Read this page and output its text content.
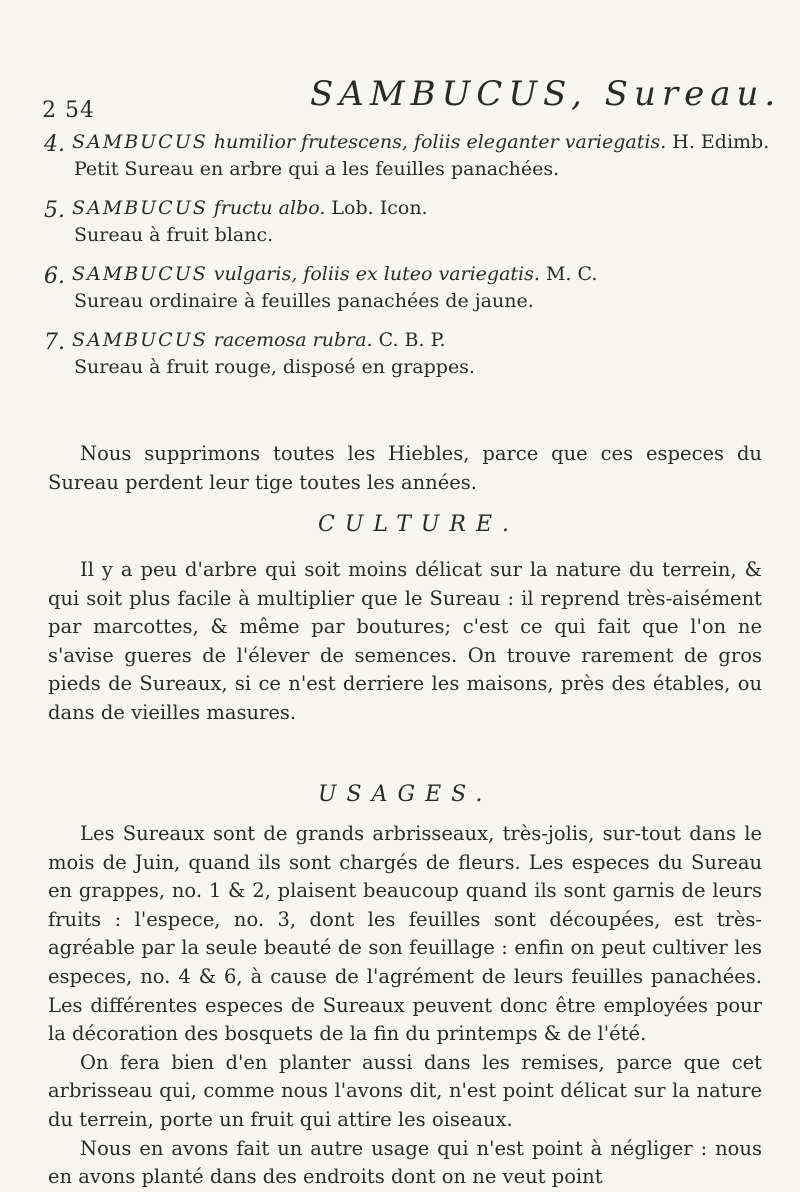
2 54	SAMBUCUS, Sureau.
4. SAMBUCUS humilior frutescens, foliis eleganter variegatis. H. Edimb.
Petit Sureau en arbre qui a les feuilles panachées.
5. SAMBUCUS fructu albo. Lob. Icon.
Sureau à fruit blanc.
6. SAMBUCUS vulgaris, foliis ex luteo variegatis. M. C.
Sureau ordinaire à feuilles panachées de jaune.
7. SAMBUCUS racemosa rubra. C. B. P.
Sureau à fruit rouge, disposé en grappes.

Nous supprimons toutes les Hiebles, parce que ces especes du Sureau perdent leur tige toutes les années.

CULTURE.

Il y a peu d'arbre qui soit moins délicat sur la nature du terrein, & qui soit plus facile à multiplier que le Sureau : il reprend très-aisément par marcottes, & même par boutures; c'est ce qui fait que l'on ne s'avise gueres de l'élever de semences. On trouve rarement de gros pieds de Sureaux, si ce n'est derriere les maisons, près des étables, ou dans de vieilles masures.

USAGES.

Les Sureaux sont de grands arbrisseaux, très-jolis, sur-tout dans le mois de Juin, quand ils sont chargés de fleurs. Les especes du Sureau en grappes, no. 1 & 2, plaisent beaucoup quand ils sont garnis de leurs fruits : l'espece, no. 3, dont les feuilles sont découpées, est très-agréable par la seule beauté de son feuillage : enfin on peut cultiver les especes, no. 4 & 6, à cause de l'agrément de leurs feuilles panachées. Les différentes especes de Sureaux peuvent donc être employées pour la décoration des bosquets de la fin du printemps & de l'été.

On fera bien d'en planter aussi dans les remises, parce que cet arbrisseau qui, comme nous l'avons dit, n'est point délicat sur la nature du terrein, porte un fruit qui attire les oiseaux.

Nous en avons fait un autre usage qui n'est point à négliger : nous en avons planté dans des endroits dont on ne veut point
